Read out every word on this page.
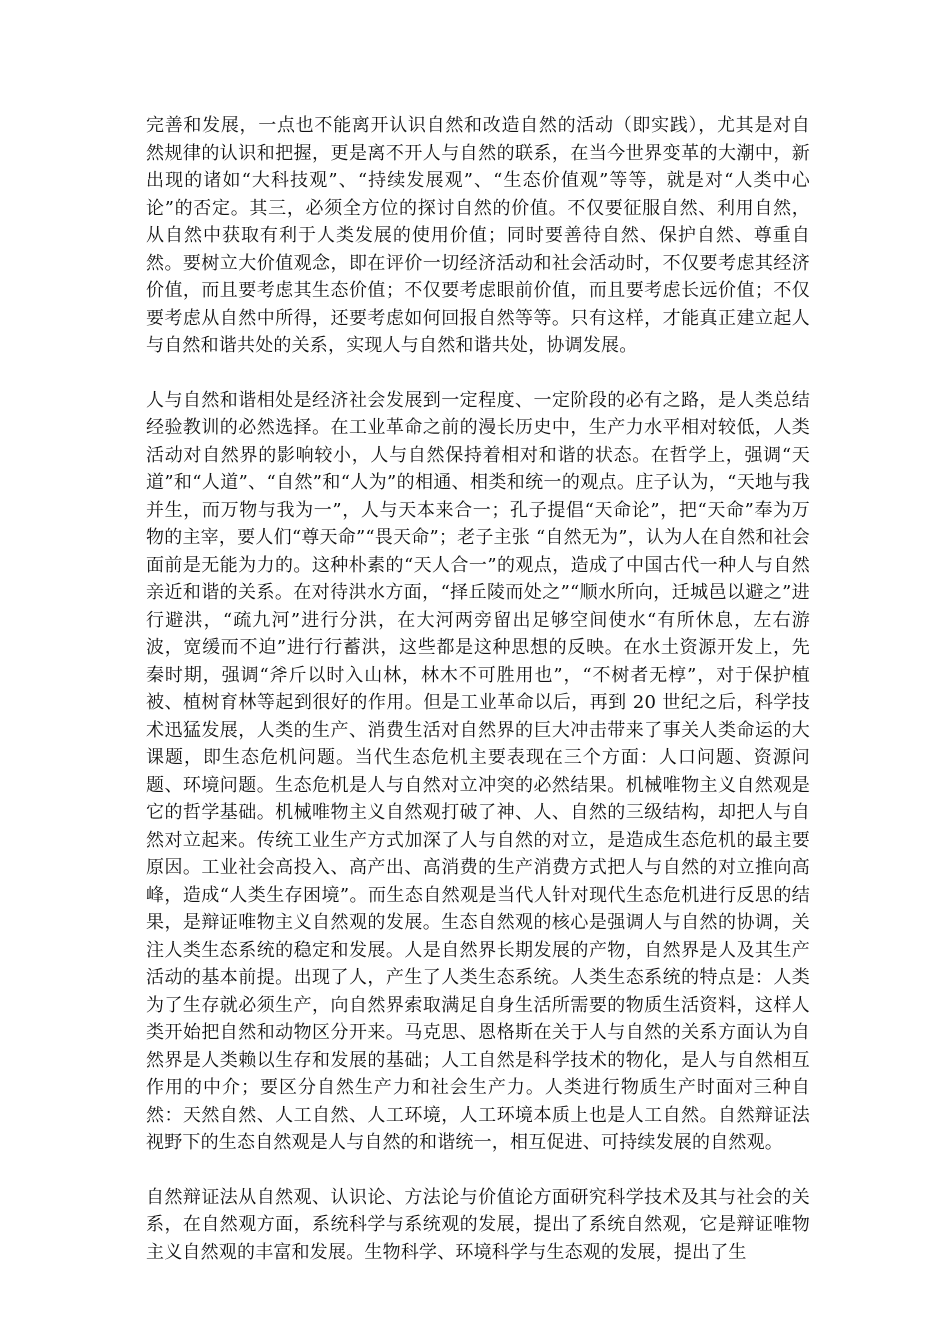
完善和发展，一点也不能离开认识自然和改造自然的活动（即实践），尤其是对自然规律的认识和把握，更是离不开人与自然的联系，在当今世界变革的大潮中，新出现的诸如“大科技观”、“持续发展观”、“生态价值观”等等，就是对“人类中心论”的否定。其三，必须全方位的探讨自然的价值。不仅要征服自然、利用自然，从自然中获取有利于人类发展的使用价值；同时要善待自然、保护自然、尊重自然。要树立大价值观念，即在评价一切经济活动和社会活动时，不仅要考虑其经济价值，而且要考虑其生态价值；不仅要考虑眼前价值，而且要考虑长远价值；不仅要考虑从自然中所得，还要考虑如何回报自然等等。只有这样，才能真正建立起人与自然和谐共处的关系，实现人与自然和谐共处，协调发展。

人与自然和谐相处是经济社会发展到一定程度、一定阶段的必有之路，是人类总结经验教训的必然选择。在工业革命之前的漫长历史中，生产力水平相对较低，人类活动对自然界的影响较小，人与自然保持着相对和谐的状态。在哲学上，强调“天道”和“人道”、“自然”和“人为”的相通、相类和统一的观点。庄子认为，“天地与我并生，而万物与我为一”，人与天本来合一；孔子提倡“天命论”，把“天命”奉为万物的主宰，要人们“尊天命”“畏天命”；老子主张 “自然无为”，认为人在自然和社会面前是无能为力的。这种朴素的“天人合一”的观点，造成了中国古代一种人与自然亲近和谐的关系。在对待洪水方面，“择丘陵而处之”“顺水所向，迁城邑以避之”进行避洪，“疏九河”进行分洪，在大河两旁留出足够空间使水“有所休息，左右游波，宽缓而不迫”进行行蓄洪，这些都是这种思想的反映。在水土资源开发上，先秦时期，强调“斧斤以时入山林，林木不可胜用也”，“不树者无椁”，对于保护植被、植树育林等起到很好的作用。但是工业革命以后，再到 20 世纪之后，科学技术迅猛发展，人类的生产、消费生活对自然界的巨大冲击带来了事关人类命运的大课题，即生态危机问题。当代生态危机主要表现在三个方面：人口问题、资源问题、环境问题。生态危机是人与自然对立冲突的必然结果。机械唯物主义自然观是它的哲学基础。机械唯物主义自然观打破了神、人、自然的三级结构，却把人与自然对立起来。传统工业生产方式加深了人与自然的对立，是造成生态危机的最主要原因。工业社会高投入、高产出、高消费的生产消费方式把人与自然的对立推向高峰，造成“人类生存困境”。而生态自然观是当代人针对现代生态危机进行反思的结果，是辩证唯物主义自然观的发展。生态自然观的核心是强调人与自然的协调，关注人类生态系统的稳定和发展。人是自然界长期发展的产物，自然界是人及其生产活动的基本前提。出现了人，产生了人类生态系统。人类生态系统的特点是：人类为了生存就必须生产，向自然界索取满足自身生活所需要的物质生活资料，这样人类开始把自然和动物区分开来。马克思、恩格斯在关于人与自然的关系方面认为自然界是人类赖以生存和发展的基础；人工自然是科学技术的物化，是人与自然相互作用的中介；要区分自然生产力和社会生产力。人类进行物质生产时面对三种自然：天然自然、人工自然、人工环境，人工环境本质上也是人工自然。自然辩证法视野下的生态自然观是人与自然的和谐统一，相互促进、可持续发展的自然观。

自然辩证法从自然观、认识论、方法论与价值论方面研究科学技术及其与社会的关系，在自然观方面，系统科学与系统观的发展，提出了系统自然观，它是辩证唯物主义自然观的丰富和发展。生物科学、环境科学与生态观的发展，提出了生
